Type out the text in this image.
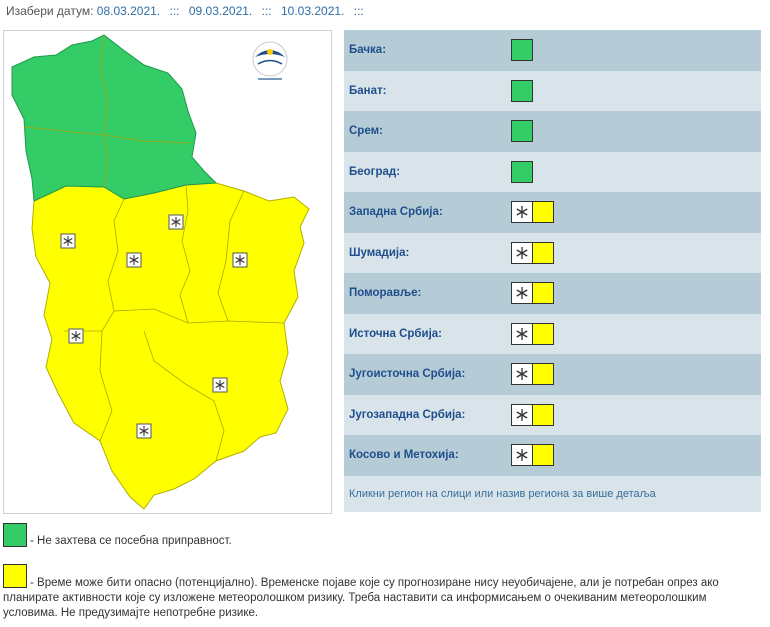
Изабери датум: 08.03.2021. ::: 09.03.2021. ::: 10.03.2021. :::
Бачка:
Банат:
Срем:
Београд:
Западна Србија:
Шумадија:
Поморавље:
Источна Србија:
Југоисточна Србија:
Југозападна Србија:
Косово и Метохија:
Кликни регион на слици или назив региона за више детаља
- Не захтева се посебна приправност.

- Време може бити опасно (потенцијално). Временске појаве које су прогнозиране нису неуобичајене, али је потребан опрез ако планирате активности које су изложене метеоролошком ризику. Треба наставити са информисањем о очекиваним метеоролошким условима. Не предузимајте непотребне ризике.
